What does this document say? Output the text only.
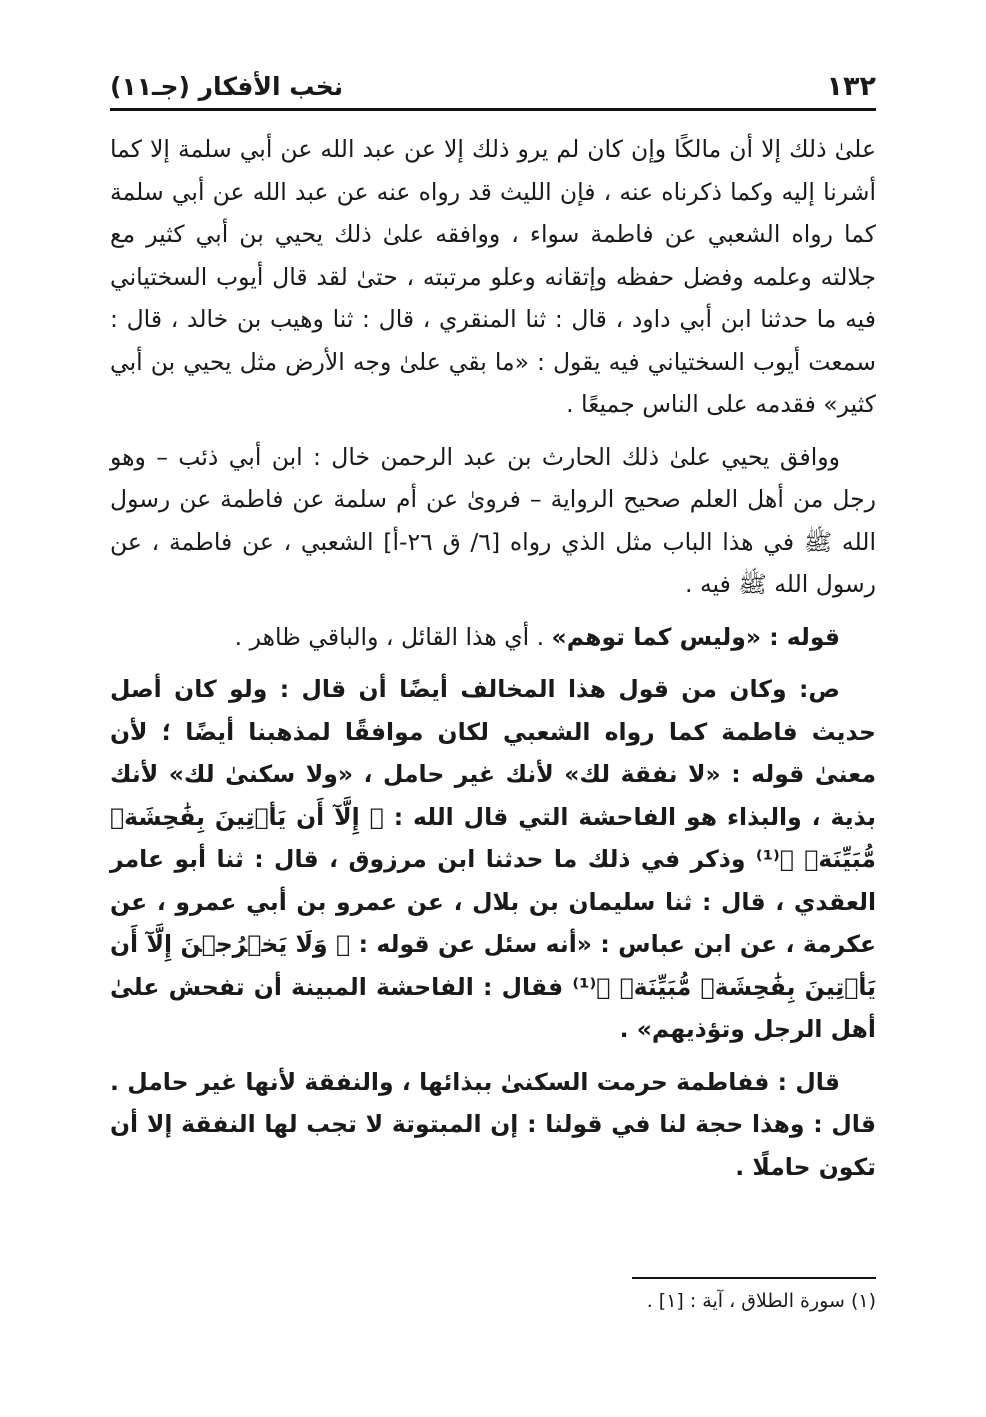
١٣٢
نخب الأفكار (جـ١١)

علىٰ ذلك إلا أن مالكًا وإن كان لم يرو ذلك إلا عن عبد الله عن أبي سلمة إلا كما أشرنا إليه وكما ذكرناه عنه ، فإن الليث قد رواه عنه عن عبد الله عن أبي سلمة كما رواه الشعبي عن فاطمة سواء ، ووافقه علىٰ ذلك يحيي بن أبي كثير مع جلالته وعلمه وفضل حفظه وإتقانه وعلو مرتبته ، حتىٰ لقد قال أيوب السختياني فيه ما حدثنا ابن أبي داود ، قال : ثنا المنقري ، قال : ثنا وهيب بن خالد ، قال : سمعت أيوب السختياني فيه يقول : «ما بقي علىٰ وجه الأرض مثل يحيي بن أبي كثير» فقدمه على الناس جميعًا .

ووافق يحيي علىٰ ذلك الحارث بن عبد الرحمن خال : ابن أبي ذئب – وهو رجل من أهل العلم صحيح الرواية – فروىٰ عن أم سلمة عن فاطمة عن رسول الله ﷺ في هذا الباب مثل الذي رواه [٦/ ق ٢٦-أ] الشعبي ، عن فاطمة ، عن رسول الله ﷺ فيه .

قوله : «وليس كما توهم» . أي هذا القائل ، والباقي ظاهر .

ص: وكان من قول هذا المخالف أيضًا أن قال : ولو كان أصل حديث فاطمة كما رواه الشعبي لكان موافقًا لمذهبنا أيضًا ؛ لأن معنىٰ قوله : «لا نفقة لك» لأنك غير حامل ، «ولا سكنىٰ لك» لأنك بذية ، والبذاء هو الفاحشة التي قال الله : ﴿ إِلَّآ أَن يَأۡتِينَ بِفَٰحِشَةٖ مُّبَيِّنَةٖ ﴾⁽¹⁾ وذكر في ذلك ما حدثنا ابن مرزوق ، قال : ثنا أبو عامر العقدي ، قال : ثنا سليمان بن بلال ، عن عمرو بن أبي عمرو ، عن عكرمة ، عن ابن عباس : «أنه سئل عن قوله : ﴿ وَلَا يَخۡرُجۡنَ إِلَّآ أَن يَأۡتِينَ بِفَٰحِشَةٖ مُّبَيِّنَةٖ ﴾⁽¹⁾ فقال : الفاحشة المبينة أن تفحش علىٰ أهل الرجل وتؤذيهم» .

قال : ففاطمة حرمت السكنىٰ ببذائها ، والنفقة لأنها غير حامل . قال : وهذا حجة لنا في قولنا : إن المبتوتة لا تجب لها النفقة إلا أن تكون حاملًا .

(١) سورة الطلاق ، آية : [١] .
